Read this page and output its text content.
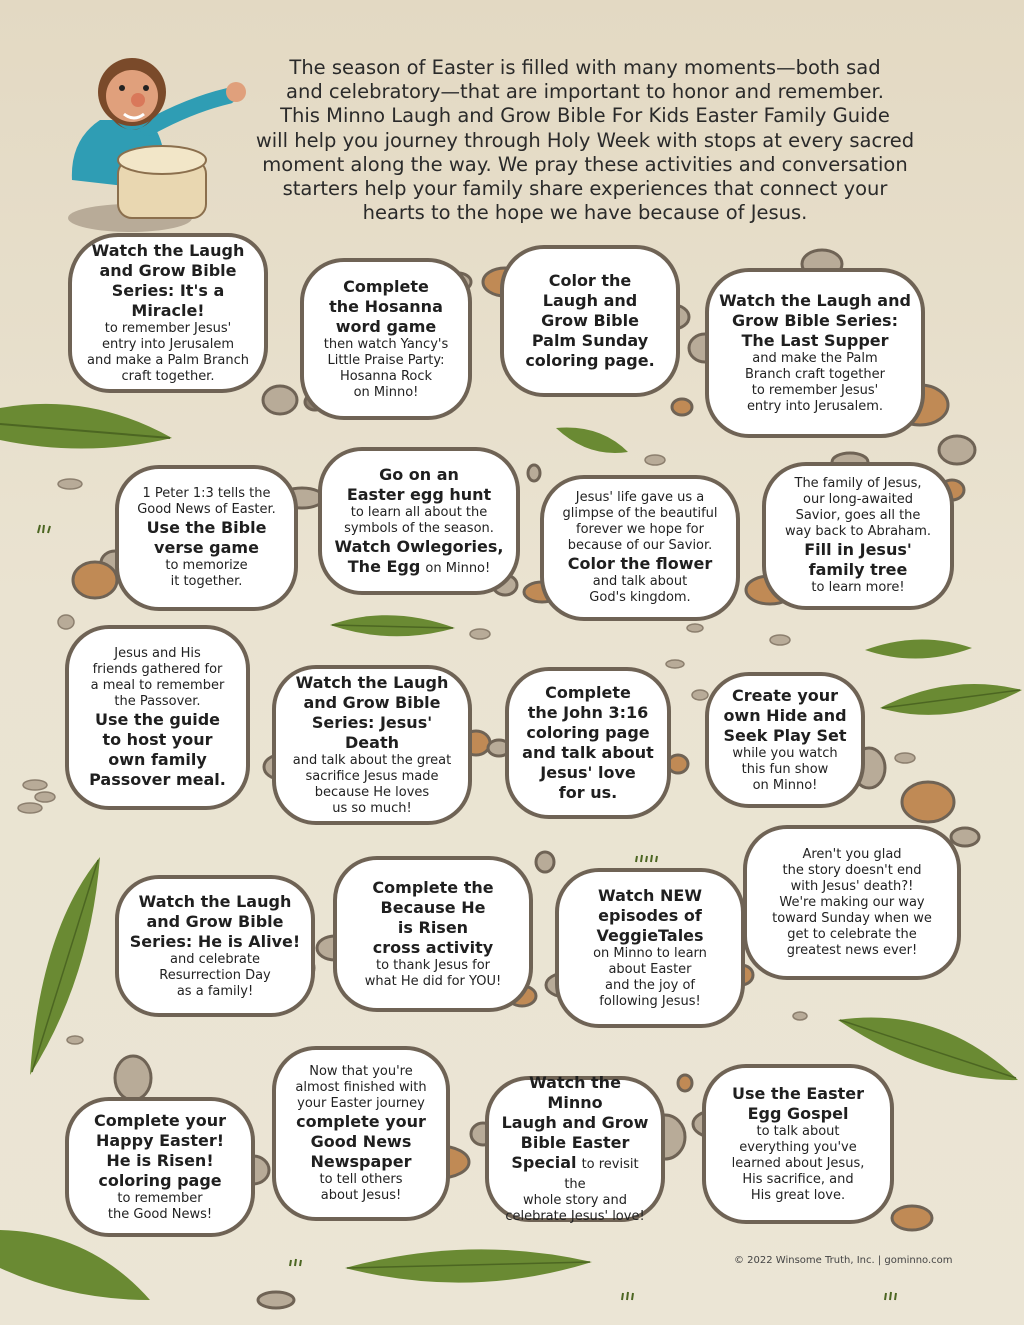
The season of Easter is filled with many moments—both sad
and celebratory—that are important to honor and remember.
This Minno Laugh and Grow Bible For Kids Easter Family Guide
will help you journey through Holy Week with stops at every sacred
moment along the way. We pray these activities and conversation
starters help your family share experiences that connect your
hearts to the hope we have because of Jesus.
Watch the Laugh
and Grow Bible
Series: It's a Miracle!
to remember Jesus'
entry into Jerusalem
and make a Palm Branch
craft together.
Complete
the Hosanna
word game
then watch Yancy's
Little Praise Party:
Hosanna Rock
on Minno!
Color the
Laugh and
Grow Bible
Palm Sunday
coloring page.
Watch the Laugh and
Grow Bible Series:
The Last Supper
and make the Palm
Branch craft together
to remember Jesus'
entry into Jerusalem.
1 Peter 1:3 tells the
Good News of Easter.
Use the Bible
verse game
to memorize
it together.
Go on an
Easter egg hunt
to learn all about the
symbols of the season.
Watch Owlegories,
The Egg on Minno!
Jesus' life gave us a
glimpse of the beautiful
forever we hope for
because of our Savior.
Color the flower
and talk about
God's kingdom.
The family of Jesus,
our long-awaited
Savior, goes all the
way back to Abraham.
Fill in Jesus'
family tree
to learn more!
Jesus and His
friends gathered for
a meal to remember
the Passover.
Use the guide
to host your
own family
Passover meal.
Watch the Laugh
and Grow Bible
Series: Jesus' Death
and talk about the great
sacrifice Jesus made
because He loves
us so much!
Complete
the John 3:16
coloring page
and talk about
Jesus' love
for us.
Create your
own Hide and
Seek Play Set
while you watch
this fun show
on Minno!
Watch the Laugh
and Grow Bible
Series: He is Alive!
and celebrate
Resurrection Day
as a family!
Complete the
Because He
is Risen
cross activity
to thank Jesus for
what He did for YOU!
Watch NEW
episodes of
VeggieTales
on Minno to learn
about Easter
and the joy of
following Jesus!
Aren't you glad
the story doesn't end
with Jesus' death?!
We're making our way
toward Sunday when we
get to celebrate the
greatest news ever!
Complete your
Happy Easter!
He is Risen!
coloring page
to remember
the Good News!
Now that you're
almost finished with
your Easter journey
complete your
Good News
Newspaper
to tell others
about Jesus!
Watch the Minno
Laugh and Grow
Bible Easter
Special to revisit the
whole story and
celebrate Jesus' love!
Use the Easter
Egg Gospel
to talk about
everything you've
learned about Jesus,
His sacrifice, and
His great love.
© 2022 Winsome Truth, Inc. | gominno.com
